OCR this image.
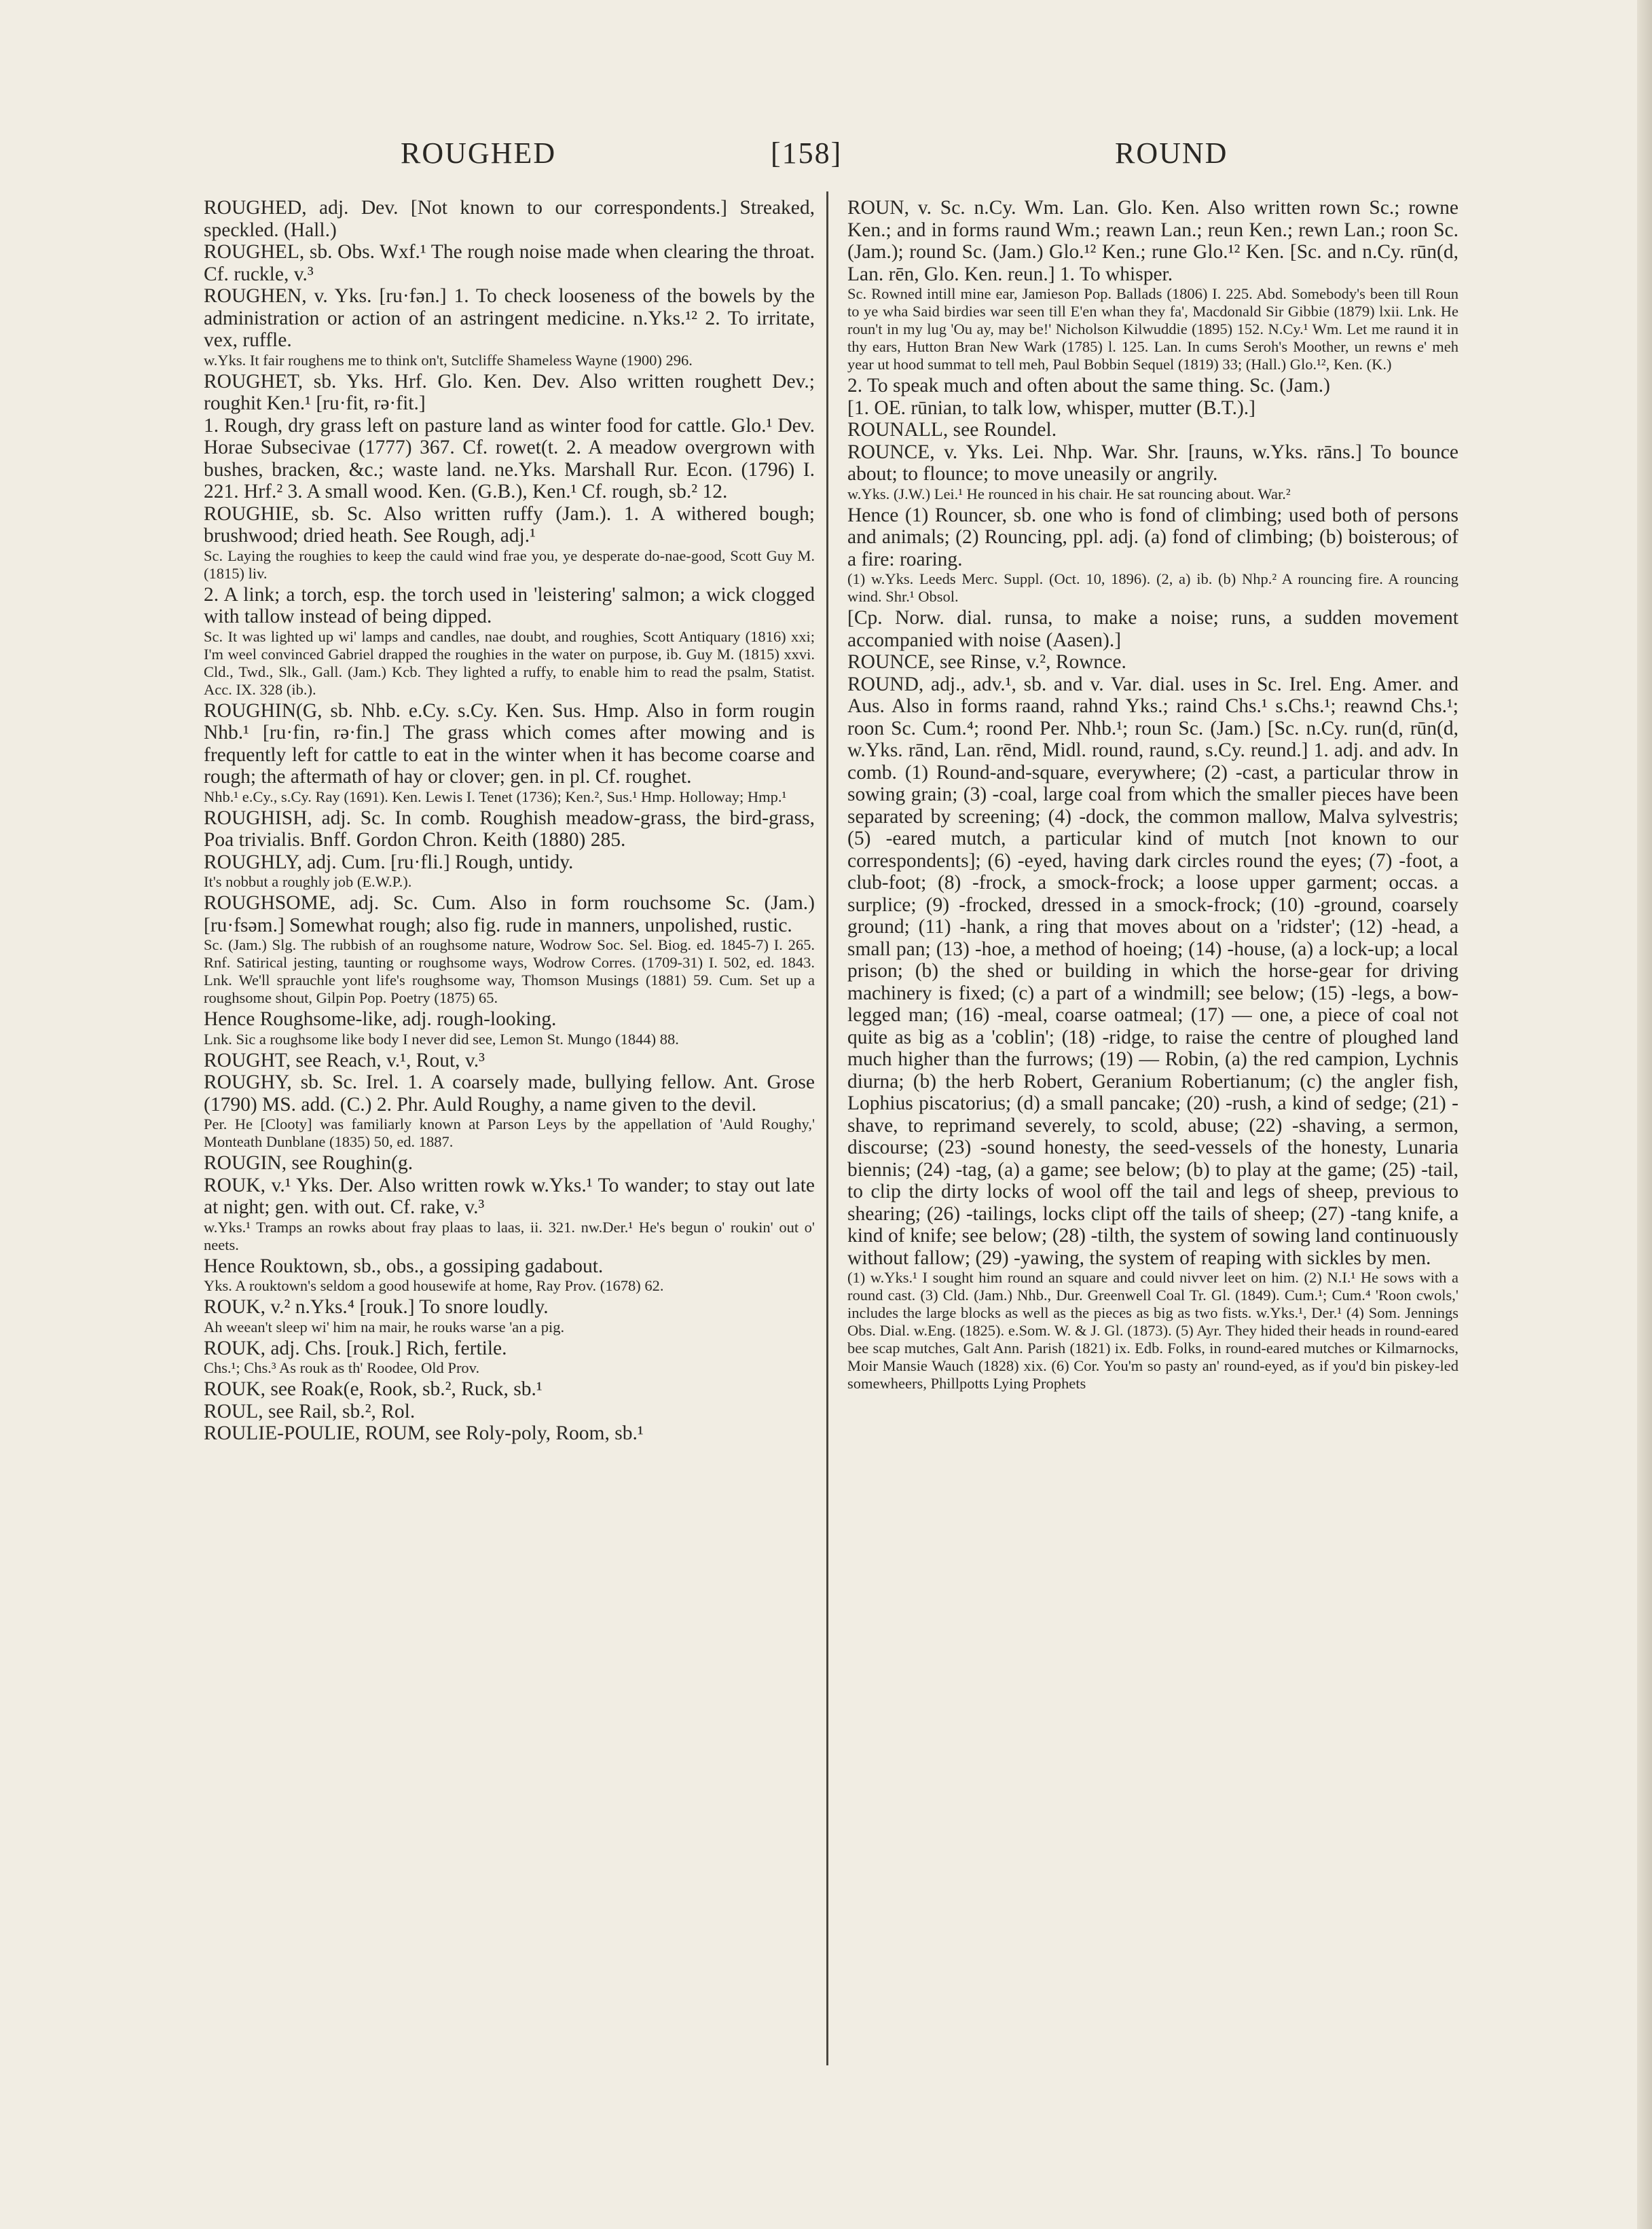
ROUGHED	[158]	ROUND

ROUGHED, adj. Dev. [Not known to our correspondents.] Streaked, speckled. (Hall.)

ROUGHEL, sb. Obs. Wxf.¹ The rough noise made when clearing the throat. Cf. ruckle, v.³

ROUGHEN, v. Yks. [ru·fən.] 1. To check looseness of the bowels by the administration or action of an astringent medicine. n.Yks.¹² 2. To irritate, vex, ruffle.

w.Yks. It fair roughens me to think on't, Sutcliffe Shameless Wayne (1900) 296.

ROUGHET, sb. Yks. Hrf. Glo. Ken. Dev. Also written roughett Dev.; roughit Ken.¹ [ru·fit, rə·fit.]

1. Rough, dry grass left on pasture land as winter food for cattle. Glo.¹ Dev. Horae Subsecivae (1777) 367. Cf. rowet(t. 2. A meadow overgrown with bushes, bracken, &c.; waste land. ne.Yks. Marshall Rur. Econ. (1796) I. 221. Hrf.² 3. A small wood. Ken. (G.B.), Ken.¹ Cf. rough, sb.² 12.

ROUGHIE, sb. Sc. Also written ruffy (Jam.). 1. A withered bough; brushwood; dried heath. See Rough, adj.¹

Sc. Laying the roughies to keep the cauld wind frae you, ye desperate do-nae-good, Scott Guy M. (1815) liv.

2. A link; a torch, esp. the torch used in 'leistering' salmon; a wick clogged with tallow instead of being dipped.

Sc. It was lighted up wi' lamps and candles, nae doubt, and roughies, Scott Antiquary (1816) xxi; I'm weel convinced Gabriel drapped the roughies in the water on purpose, ib. Guy M. (1815) xxvi. Cld., Twd., Slk., Gall. (Jam.) Kcb. They lighted a ruffy, to enable him to read the psalm, Statist. Acc. IX. 328 (ib.).

ROUGHIN(G, sb. Nhb. e.Cy. s.Cy. Ken. Sus. Hmp. Also in form rougin Nhb.¹ [ru·fin, rə·fin.] The grass which comes after mowing and is frequently left for cattle to eat in the winter when it has become coarse and rough; the aftermath of hay or clover; gen. in pl. Cf. roughet.

Nhb.¹ e.Cy., s.Cy. Ray (1691). Ken. Lewis I. Tenet (1736); Ken.², Sus.¹ Hmp. Holloway; Hmp.¹

ROUGHISH, adj. Sc. In comb. Roughish meadow-grass, the bird-grass, Poa trivialis. Bnff. Gordon Chron. Keith (1880) 285.

ROUGHLY, adj. Cum. [ru·fli.] Rough, untidy.

It's nobbut a roughly job (E.W.P.).

ROUGHSOME, adj. Sc. Cum. Also in form rouchsome Sc. (Jam.) [ru·fsəm.] Somewhat rough; also fig. rude in manners, unpolished, rustic.

Sc. (Jam.) Slg. The rubbish of an roughsome nature, Wodrow Soc. Sel. Biog. ed. 1845-7) I. 265. Rnf. Satirical jesting, taunting or roughsome ways, Wodrow Corres. (1709-31) I. 502, ed. 1843. Lnk. We'll sprauchle yont life's roughsome way, Thomson Musings (1881) 59. Cum. Set up a roughsome shout, Gilpin Pop. Poetry (1875) 65.

Hence Roughsome-like, adj. rough-looking.

Lnk. Sic a roughsome like body I never did see, Lemon St. Mungo (1844) 88.

ROUGHT, see Reach, v.¹, Rout, v.³

ROUGHY, sb. Sc. Irel. 1. A coarsely made, bullying fellow. Ant. Grose (1790) MS. add. (C.) 2. Phr. Auld Roughy, a name given to the devil.

Per. He [Clooty] was familiarly known at Parson Leys by the appellation of 'Auld Roughy,' Monteath Dunblane (1835) 50, ed. 1887.

ROUGIN, see Roughin(g.

ROUK, v.¹ Yks. Der. Also written rowk w.Yks.¹ To wander; to stay out late at night; gen. with out. Cf. rake, v.³

w.Yks.¹ Tramps an rowks about fray plaas to laas, ii. 321. nw.Der.¹ He's begun o' roukin' out o' neets.

Hence Rouktown, sb., obs., a gossiping gadabout.

Yks. A rouktown's seldom a good housewife at home, Ray Prov. (1678) 62.

ROUK, v.² n.Yks.⁴ [rouk.] To snore loudly.

Ah weean't sleep wi' him na mair, he rouks warse 'an a pig.

ROUK, adj. Chs. [rouk.] Rich, fertile.

Chs.¹; Chs.³ As rouk as th' Roodee, Old Prov.

ROUK, see Roak(e, Rook, sb.², Ruck, sb.¹

ROUL, see Rail, sb.², Rol.

ROULIE-POULIE, ROUM, see Roly-poly, Room, sb.¹

ROUN, v. Sc. n.Cy. Wm. Lan. Glo. Ken. Also written rown Sc.; rowne Ken.; and in forms raund Wm.; reawn Lan.; reun Ken.; rewn Lan.; roon Sc. (Jam.); round Sc. (Jam.) Glo.¹² Ken.; rune Glo.¹² Ken. [Sc. and n.Cy. rūn(d, Lan. rēn, Glo. Ken. reun.] 1. To whisper.

Sc. Rowned intill mine ear, Jamieson Pop. Ballads (1806) I. 225. Abd. Somebody's been till Roun to ye wha Said birdies war seen till E'en whan they fa', Macdonald Sir Gibbie (1879) lxii. Lnk. He roun't in my lug 'Ou ay, may be!' Nicholson Kilwuddie (1895) 152. N.Cy.¹ Wm. Let me raund it in thy ears, Hutton Bran New Wark (1785) l. 125. Lan. In cums Seroh's Moother, un rewns e' meh year ut hood summat to tell meh, Paul Bobbin Sequel (1819) 33; (Hall.) Glo.¹², Ken. (K.)

2. To speak much and often about the same thing. Sc. (Jam.)

[1. OE. rūnian, to talk low, whisper, mutter (B.T.).]

ROUNALL, see Roundel.

ROUNCE, v. Yks. Lei. Nhp. War. Shr. [rauns, w.Yks. rāns.] To bounce about; to flounce; to move uneasily or angrily.

w.Yks. (J.W.) Lei.¹ He rounced in his chair. He sat rouncing about. War.²

Hence (1) Rouncer, sb. one who is fond of climbing; used both of persons and animals; (2) Rouncing, ppl. adj. (a) fond of climbing; (b) boisterous; of a fire: roaring.

(1) w.Yks. Leeds Merc. Suppl. (Oct. 10, 1896). (2, a) ib. (b) Nhp.² A rouncing fire. A rouncing wind. Shr.¹ Obsol.

[Cp. Norw. dial. runsa, to make a noise; runs, a sudden movement accompanied with noise (Aasen).]

ROUNCE, see Rinse, v.², Rownce.

ROUND, adj., adv.¹, sb. and v. Var. dial. uses in Sc. Irel. Eng. Amer. and Aus. Also in forms raand, rahnd Yks.; raind Chs.¹ s.Chs.¹; reawnd Chs.¹; roon Sc. Cum.⁴; roond Per. Nhb.¹; roun Sc. (Jam.) [Sc. n.Cy. run(d, rūn(d, w.Yks. rānd, Lan. rēnd, Midl. round, raund, s.Cy. reund.] 1. adj. and adv. In comb. (1) Round-and-square, everywhere; (2) -cast, a particular throw in sowing grain; (3) -coal, large coal from which the smaller pieces have been separated by screening; (4) -dock, the common mallow, Malva sylvestris; (5) -eared mutch, a particular kind of mutch [not known to our correspondents]; (6) -eyed, having dark circles round the eyes; (7) -foot, a club-foot; (8) -frock, a smock-frock; a loose upper garment; occas. a surplice; (9) -frocked, dressed in a smock-frock; (10) -ground, coarsely ground; (11) -hank, a ring that moves about on a 'ridster'; (12) -head, a small pan; (13) -hoe, a method of hoeing; (14) -house, (a) a lock-up; a local prison; (b) the shed or building in which the horse-gear for driving machinery is fixed; (c) a part of a windmill; see below; (15) -legs, a bow-legged man; (16) -meal, coarse oatmeal; (17) — one, a piece of coal not quite as big as a 'coblin'; (18) -ridge, to raise the centre of ploughed land much higher than the furrows; (19) — Robin, (a) the red campion, Lychnis diurna; (b) the herb Robert, Geranium Robertianum; (c) the angler fish, Lophius piscatorius; (d) a small pancake; (20) -rush, a kind of sedge; (21) -shave, to reprimand severely, to scold, abuse; (22) -shaving, a sermon, discourse; (23) -sound honesty, the seed-vessels of the honesty, Lunaria biennis; (24) -tag, (a) a game; see below; (b) to play at the game; (25) -tail, to clip the dirty locks of wool off the tail and legs of sheep, previous to shearing; (26) -tailings, locks clipt off the tails of sheep; (27) -tang knife, a kind of knife; see below; (28) -tilth, the system of sowing land continuously without fallow; (29) -yawing, the system of reaping with sickles by men.

(1) w.Yks.¹ I sought him round an square and could nivver leet on him. (2) N.I.¹ He sows with a round cast. (3) Cld. (Jam.) Nhb., Dur. Greenwell Coal Tr. Gl. (1849). Cum.¹; Cum.⁴ 'Roon cwols,' includes the large blocks as well as the pieces as big as two fists. w.Yks.¹, Der.¹ (4) Som. Jennings Obs. Dial. w.Eng. (1825). e.Som. W. & J. Gl. (1873). (5) Ayr. They hided their heads in round-eared bee scap mutches, Galt Ann. Parish (1821) ix. Edb. Folks, in round-eared mutches or Kilmarnocks, Moir Mansie Wauch (1828) xix. (6) Cor. You'm so pasty an' round-eyed, as if you'd bin piskey-led somewheers, Phillpotts Lying Prophets
